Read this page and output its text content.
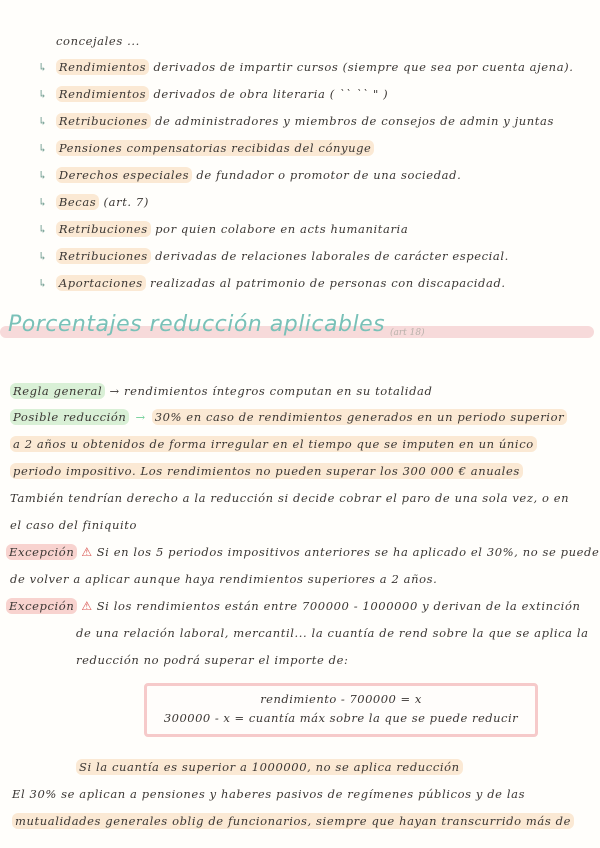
concejales ...
↳ Rendimientos derivados de impartir cursos (siempre que sea por cuenta ajena).
↳ Rendimientos derivados de obra literaria ( `` `` " )
↳ Retribuciones de administradores y miembros de consejos de admin y juntas
↳ Pensiones compensatorias recibidas del cónyuge
↳ Derechos especiales de fundador o promotor de una sociedad.
↳ Becas (art. 7)
↳ Retribuciones por quien colabore en acts humanitaria
↳ Retribuciones derivadas de relaciones laborales de carácter especial.
↳ Aportaciones realizadas al patrimonio de personas con discapacidad.
Porcentajes reducción aplicables (art 18)
Regla general → rendimientos íntegros computan en su totalidad
Posible reducción → 30% en caso de rendimientos generados en un periodo superior
a 2 años u obtenidos de forma irregular en el tiempo que se imputen en un único
periodo impositivo. Los rendimientos no pueden superar los 300 000 € anuales
También tendrían derecho a la reducción si decide cobrar el paro de una sola vez, o en
el caso del finiquito
Excepción ⚠ Si en los 5 periodos impositivos anteriores se ha aplicado el 30%, no se puede
de volver a aplicar aunque haya rendimientos superiores a 2 años.
Excepción ⚠ Si los rendimientos están entre 700000 - 1000000 y derivan de la extinción
de una relación laboral, mercantil... la cuantía de rend sobre la que se aplica la
reducción no podrá superar el importe de:
rendimiento - 700000 = x
300000 - x = cuantía máx sobre la que se puede reducir
Si la cuantía es superior a 1000000, no se aplica reducción
El 30% se aplican a pensiones y haberes pasivos de regímenes públicos y de las
mutualidades generales oblig de funcionarios, siempre que hayan transcurrido más de
